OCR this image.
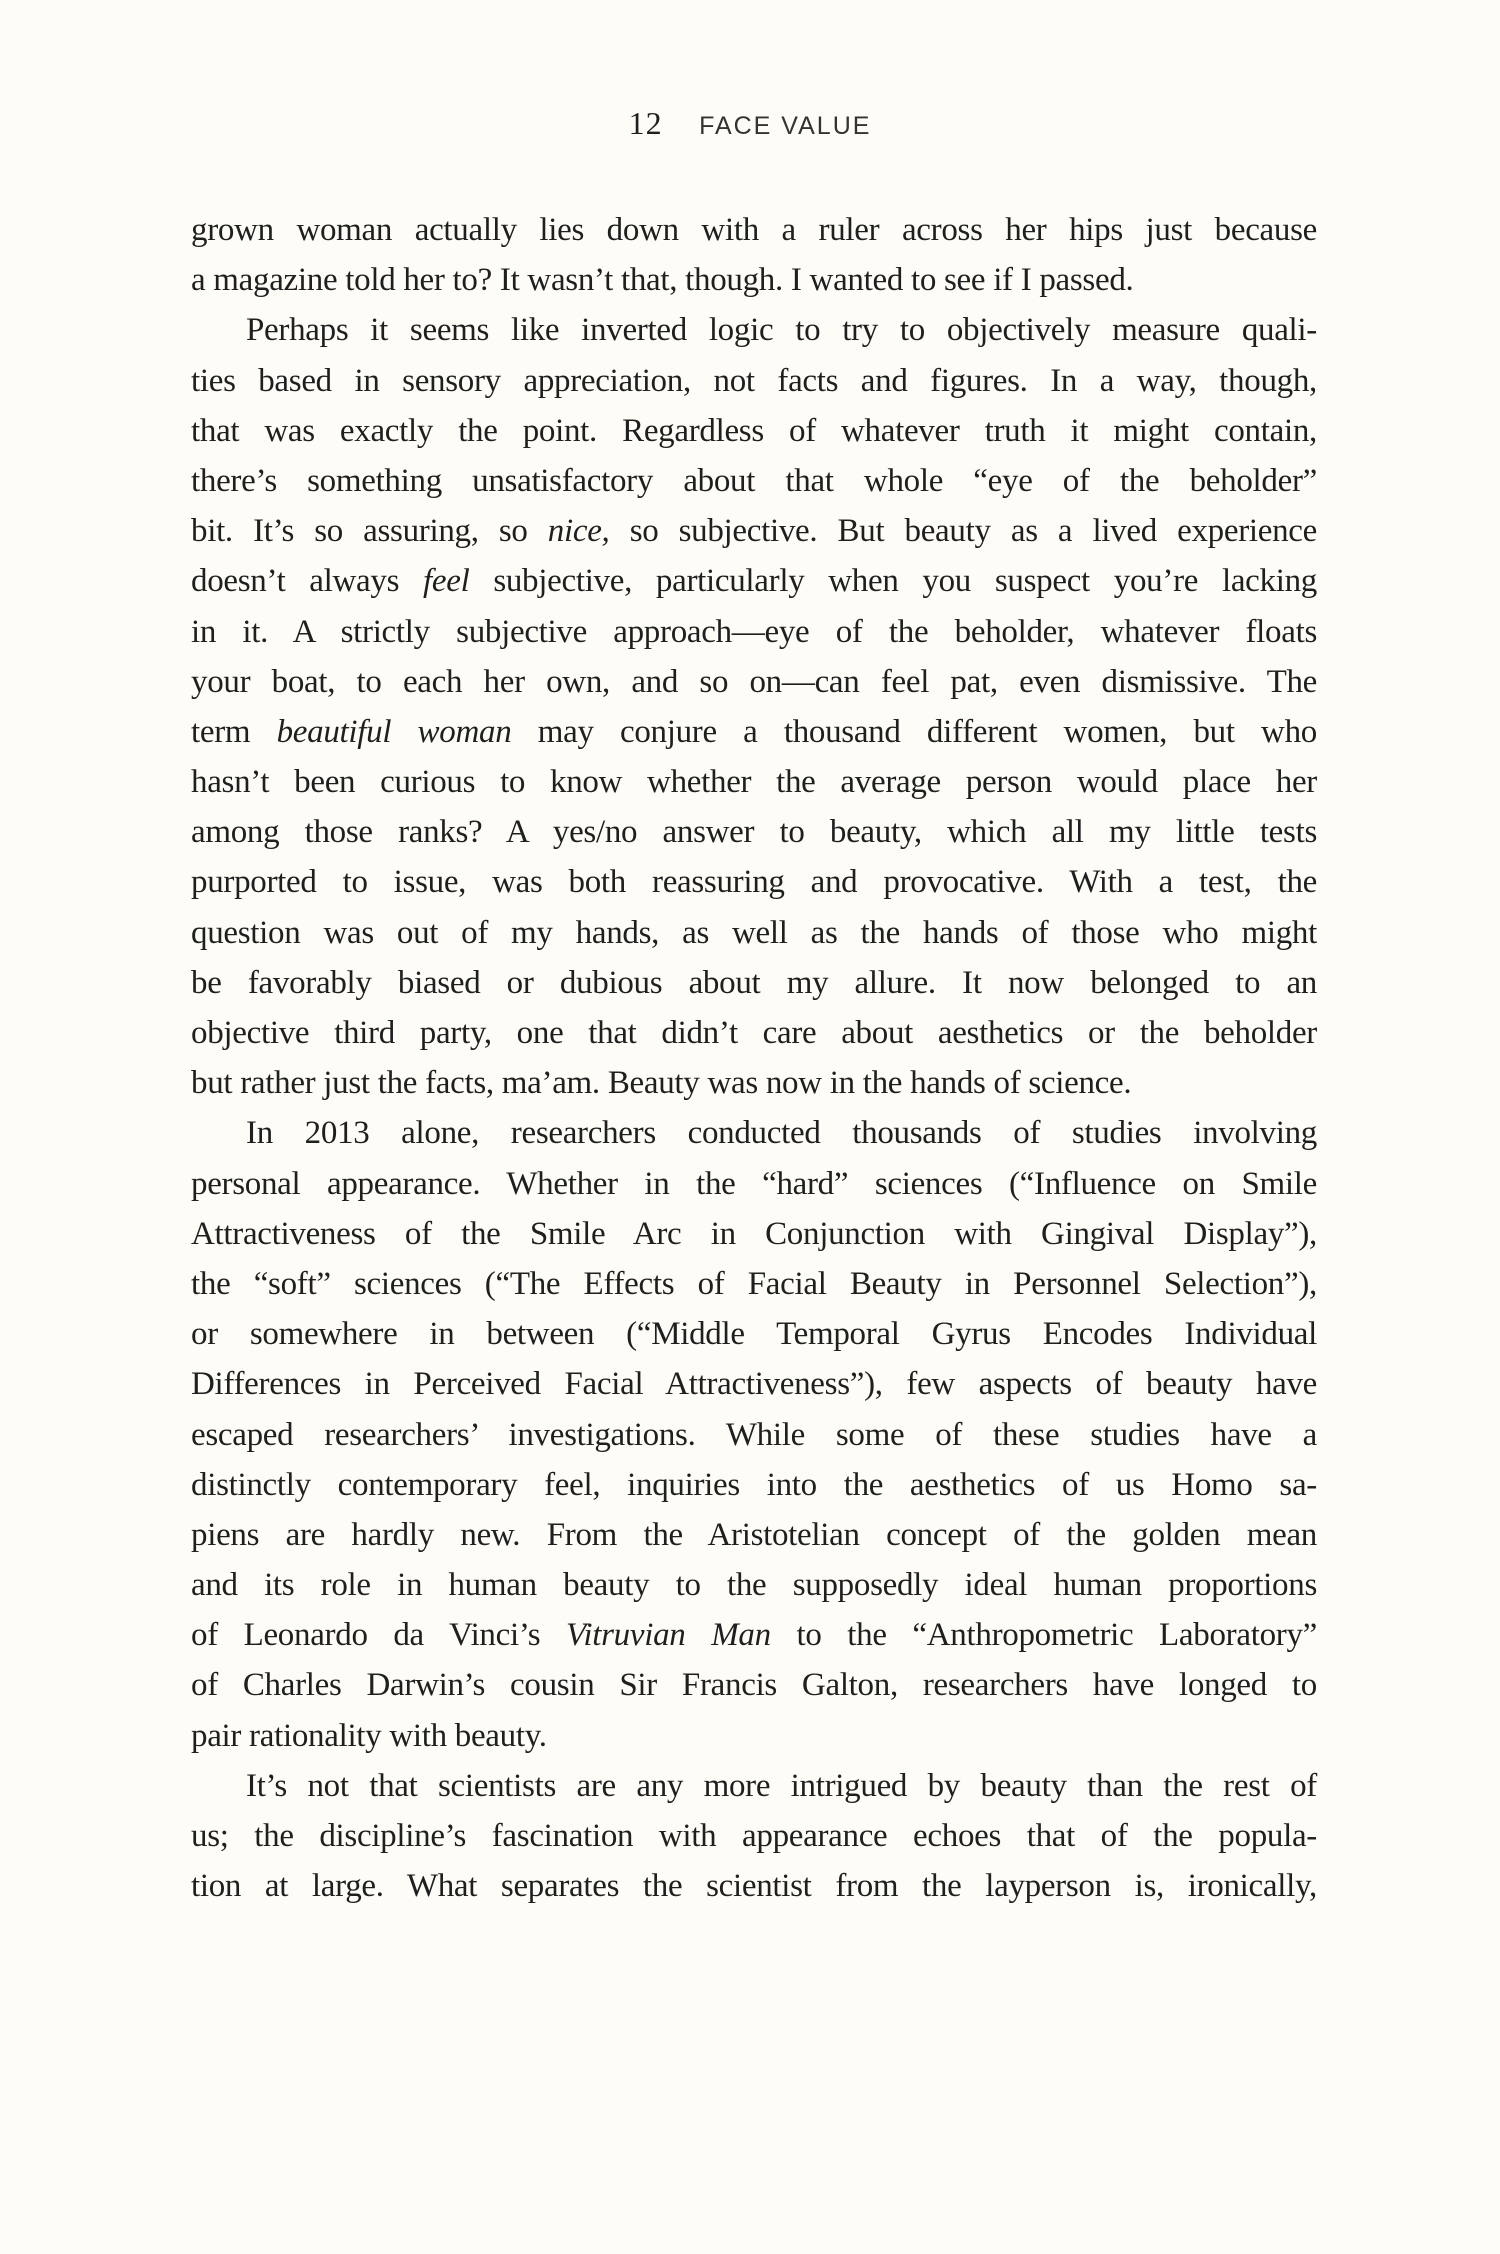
12 FACE VALUE
grown woman actually lies down with a ruler across her hips just because
a magazine told her to? It wasn’t that, though. I wanted to see if I passed.
Perhaps it seems like inverted logic to try to objectively measure quali-
ties based in sensory appreciation, not facts and figures. In a way, though,
that was exactly the point. Regardless of whatever truth it might contain,
there’s something unsatisfactory about that whole “eye of the beholder”
bit. It’s so assuring, so nice, so subjective. But beauty as a lived experience
doesn’t always feel subjective, particularly when you suspect you’re lacking
in it. A strictly subjective approach—eye of the beholder, whatever floats
your boat, to each her own, and so on—can feel pat, even dismissive. The
term beautiful woman may conjure a thousand different women, but who
hasn’t been curious to know whether the average person would place her
among those ranks? A yes/no answer to beauty, which all my little tests
purported to issue, was both reassuring and provocative. With a test, the
question was out of my hands, as well as the hands of those who might
be favorably biased or dubious about my allure. It now belonged to an
objective third party, one that didn’t care about aesthetics or the beholder
but rather just the facts, ma’am. Beauty was now in the hands of science.
In 2013 alone, researchers conducted thousands of studies involving
personal appearance. Whether in the “hard” sciences (“Influence on Smile
Attractiveness of the Smile Arc in Conjunction with Gingival Display”),
the “soft” sciences (“The Effects of Facial Beauty in Personnel Selection”),
or somewhere in between (“Middle Temporal Gyrus Encodes Individual
Differences in Perceived Facial Attractiveness”), few aspects of beauty have
escaped researchers’ investigations. While some of these studies have a
distinctly contemporary feel, inquiries into the aesthetics of us Homo sa-
piens are hardly new. From the Aristotelian concept of the golden mean
and its role in human beauty to the supposedly ideal human proportions
of Leonardo da Vinci’s Vitruvian Man to the “Anthropometric Laboratory”
of Charles Darwin’s cousin Sir Francis Galton, researchers have longed to
pair rationality with beauty.
It’s not that scientists are any more intrigued by beauty than the rest of
us; the discipline’s fascination with appearance echoes that of the popula-
tion at large. What separates the scientist from the layperson is, ironically,
